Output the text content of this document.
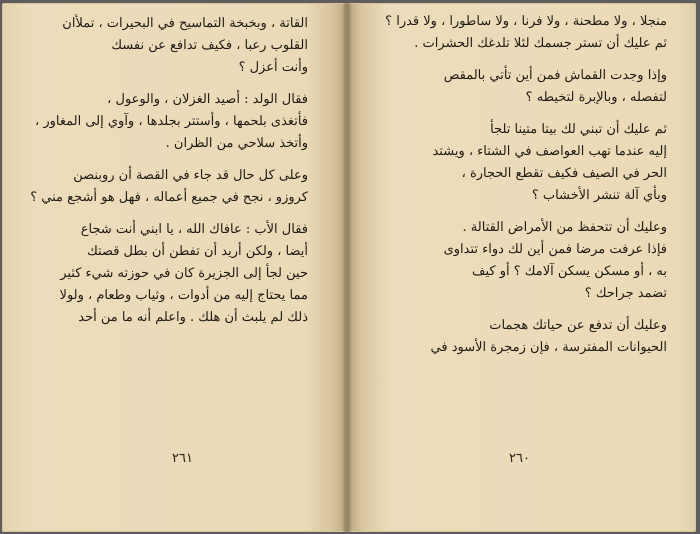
القاتة ، وبخبخة التماسيح في البحيرات ، تملأان
القلوب رعبا ، فكيف تدافع عن نفسك
وأنت أعزل ؟
فقال الولد : أصيد الغزلان ، والوعول ،
فأتغذى بلحمها ، وأستتر بجلدها ، وآوي إلى المغاور ،
وأتخذ سلاحي من الظران .
وعلى كل حال قد جاء في القصة أن روبنصن
كروزو ، نجح في جميع أعماله ، فهل هو أشجع مني ؟
فقال الأب : عافاك الله ، يا ابني أنت شجاع
أيضا ، ولكن أريد أن تفطن أن بطل قصتك
حين لجأ إلى الجزيرة كان في حوزته شيء كثير
مما يحتاج إليه من أدوات ، وثياب وطعام ، ولولا
ذلك لم يلبث أن هلك . واعلم أنه ما من أحد
٢٦١
منجلا ، ولا مطحنة ، ولا فرنا ، ولا ساطورا ، ولا قدرا ؟
ثم عليك أن تستر جسمك لئلا تلدغك الحشرات .
وإذا وجدت القماش فمن أين تأتي بالمقص
لتفصله ، وبالإبرة لتخيطه ؟
ثم عليك أن تبني لك بيتا متينا تلجأ
إليه عندما تهب العواصف في الشتاء ، ويشتد
الحر في الصيف فكيف تقطع الحجارة ،
وبأي آلة تنشر الأخشاب ؟
وعليك أن تتحفظ من الأمراض القتالة .
فإذا عرفت مرضا فمن أين لك دواء تتداوى
به ، أو مسكن يسكن آلامك ؟ أو كيف
تضمد جراحك ؟
وعليك أن تدفع عن حياتك هجمات
الحيوانات المفترسة ، فإن زمجرة الأسود في
٢٦٠
